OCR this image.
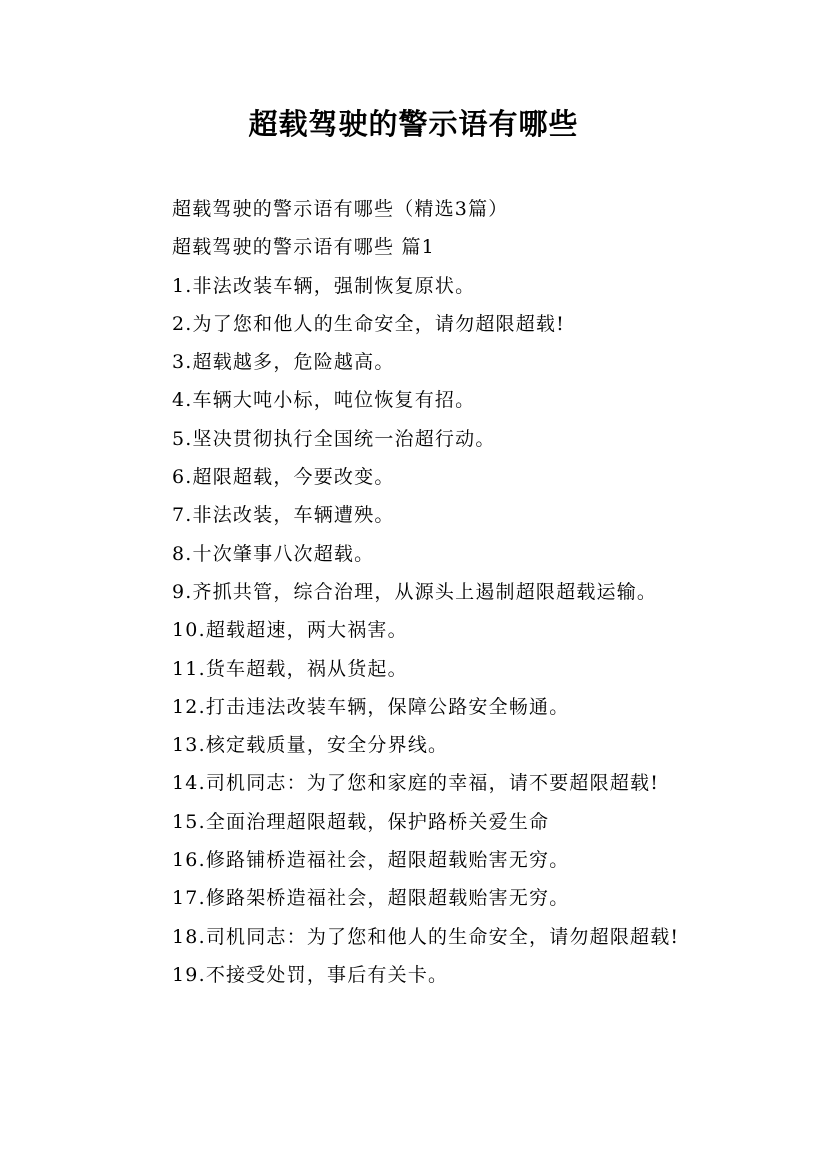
超载驾驶的警示语有哪些
超载驾驶的警示语有哪些（精选3篇）
超载驾驶的警示语有哪些 篇1
1.非法改装车辆，强制恢复原状。
2.为了您和他人的生命安全，请勿超限超载!
3.超载越多，危险越高。
4.车辆大吨小标，吨位恢复有招。
5.坚决贯彻执行全国统一治超行动。
6.超限超载，今要改变。
7.非法改装，车辆遭殃。
8.十次肇事八次超载。
9.齐抓共管，综合治理，从源头上遏制超限超载运输。
10.超载超速，两大祸害。
11.货车超载，祸从货起。
12.打击违法改装车辆，保障公路安全畅通。
13.核定载质量，安全分界线。
14.司机同志：为了您和家庭的幸福，请不要超限超载!
15.全面治理超限超载，保护路桥关爱生命
16.修路铺桥造福社会，超限超载贻害无穷。
17.修路架桥造福社会，超限超载贻害无穷。
18.司机同志：为了您和他人的生命安全，请勿超限超载!
19.不接受处罚，事后有关卡。
